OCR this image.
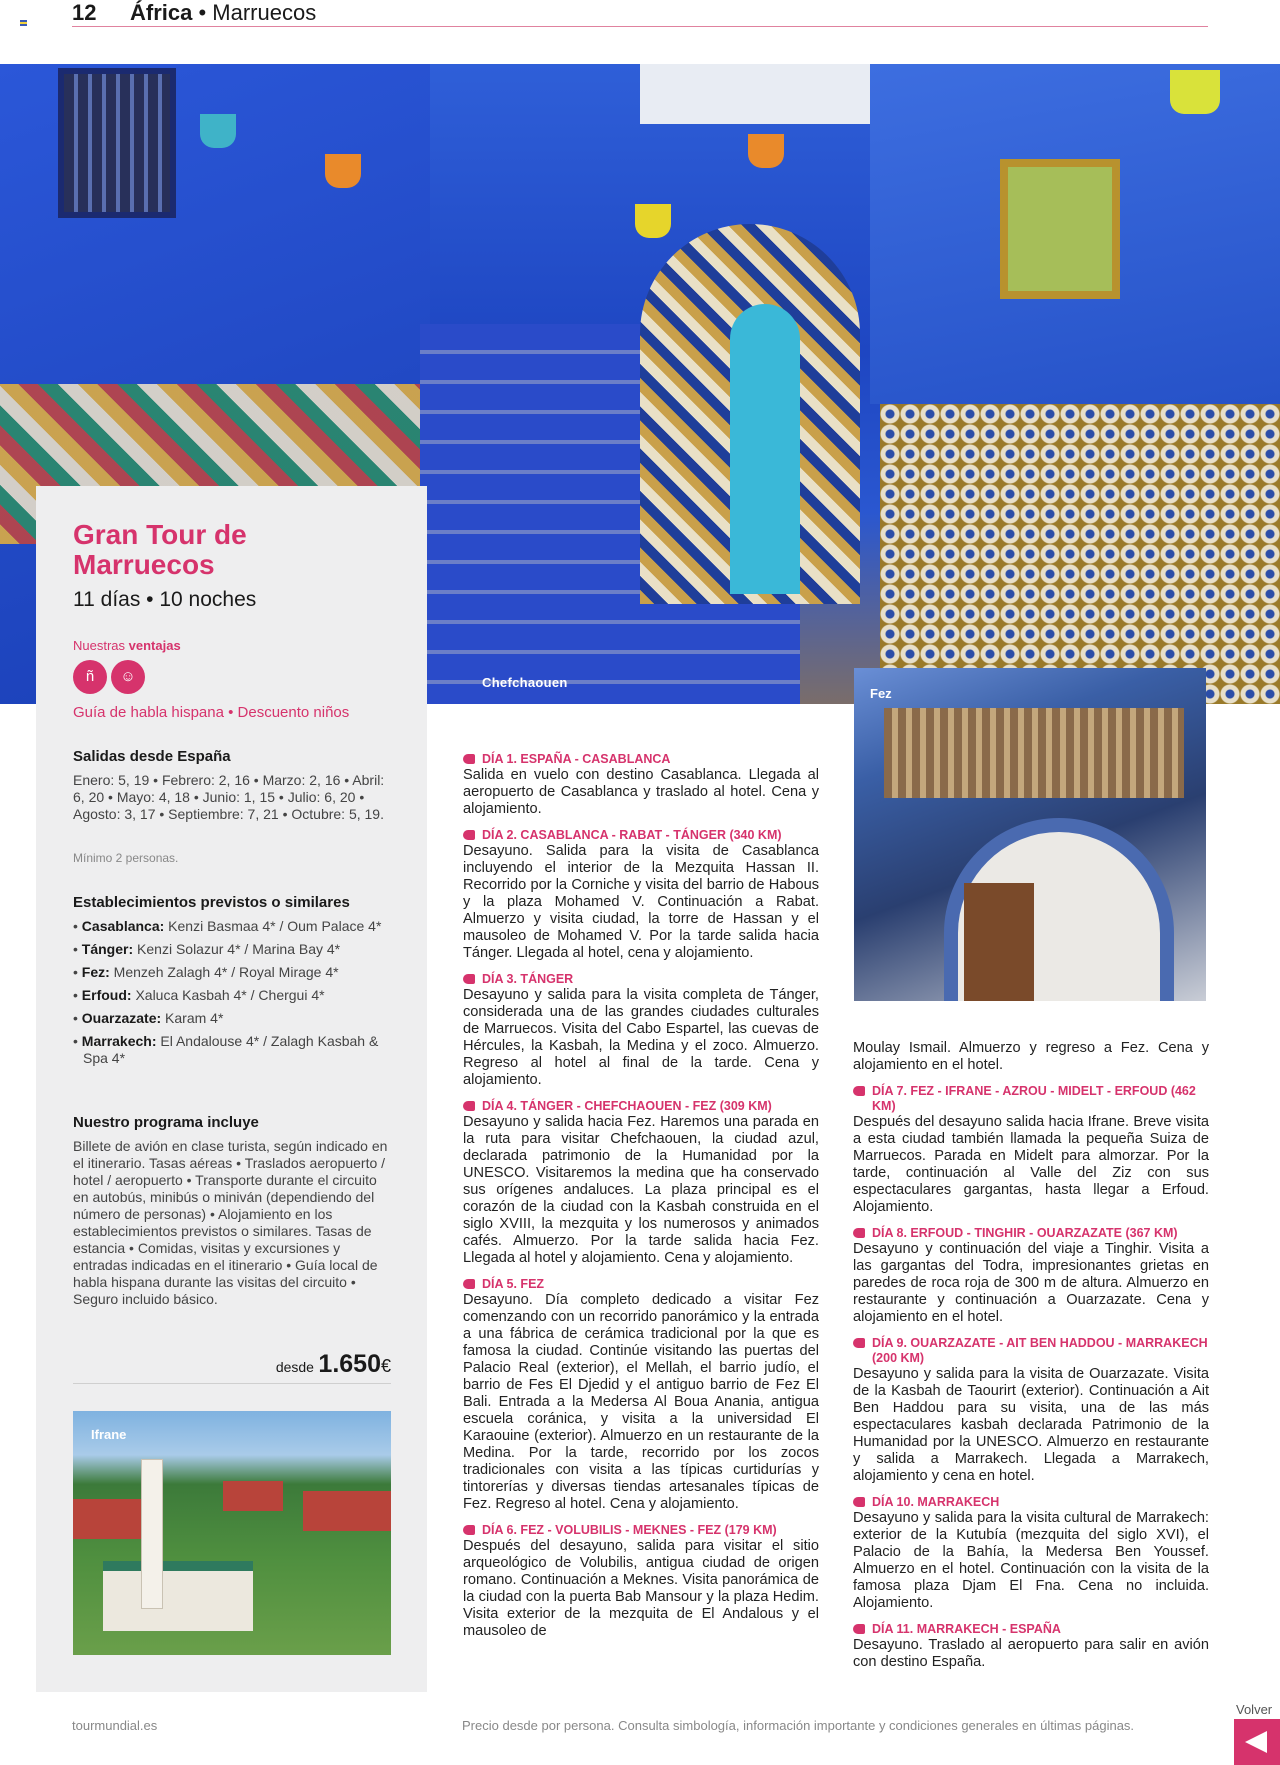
12 África • Marruecos
Chefchaouen
Gran Tour de Marruecos
11 días • 10 noches
Nuestras ventajas
ñ	☺
Guía de habla hispana • Descuento niños
Salidas desde España
Enero: 5, 19 • Febrero: 2, 16 • Marzo: 2, 16 • Abril: 6, 20 • Mayo: 4, 18 • Junio: 1, 15 • Julio: 6, 20 • Agosto: 3, 17 • Septiembre: 7, 21 • Octubre: 5, 19.
Mínimo 2 personas.
Establecimientos previstos o similares
• Casablanca: Kenzi Basmaa 4* / Oum Palace 4*
• Tánger: Kenzi Solazur 4* / Marina Bay 4*
• Fez: Menzeh Zalagh 4* / Royal Mirage 4*
• Erfoud: Xaluca Kasbah 4* / Chergui 4*
• Ouarzazate: Karam 4*
• Marrakech: El Andalouse 4* / Zalagh Kasbah & Spa 4*
Nuestro programa incluye
Billete de avión en clase turista, según indicado en el itinerario. Tasas aéreas • Traslados aeropuerto / hotel / aeropuerto • Transporte durante el circuito en autobús, minibús o miniván (dependiendo del número de personas) • Alojamiento en los establecimientos previstos o similares. Tasas de estancia • Comidas, visitas y excursiones y entradas indicadas en el itinerario • Guía local de habla hispana durante las visitas del circuito • Seguro incluido básico.
desde 1.650€
Ifrane
DÍA 1. ESPAÑA - CASABLANCA
Salida en vuelo con destino Casablanca. Llegada al aeropuerto de Casablanca y traslado al hotel. Cena y alojamiento.
DÍA 2. CASABLANCA - RABAT - TÁNGER (340 KM)
Desayuno. Salida para la visita de Casablanca incluyendo el interior de la Mezquita Hassan II. Recorrido por la Corniche y visita del barrio de Habous y la plaza Mohamed V. Continuación a Rabat. Almuerzo y visita ciudad, la torre de Hassan y el mausoleo de Mohamed V. Por la tarde salida hacia Tánger. Llegada al hotel, cena y alojamiento.
DÍA 3. TÁNGER
Desayuno y salida para la visita completa de Tánger, considerada una de las grandes ciudades culturales de Marruecos. Visita del Cabo Espartel, las cuevas de Hércules, la Kasbah, la Medina y el zoco. Almuerzo. Regreso al hotel al final de la tarde. Cena y alojamiento.
DÍA 4. TÁNGER - CHEFCHAOUEN - FEZ (309 KM)
Desayuno y salida hacia Fez. Haremos una parada en la ruta para visitar Chefchaouen, la ciudad azul, declarada patrimonio de la Humanidad por la UNESCO. Visitaremos la medina que ha conservado sus orígenes andaluces. La plaza principal es el corazón de la ciudad con la Kasbah construida en el siglo XVIII, la mezquita y los numerosos y animados cafés. Almuerzo. Por la tarde salida hacia Fez. Llegada al hotel y alojamiento. Cena y alojamiento.
DÍA 5. FEZ
Desayuno. Día completo dedicado a visitar Fez comenzando con un recorrido panorámico y la entrada a una fábrica de cerámica tradicional por la que es famosa la ciudad. Continúe visitando las puertas del Palacio Real (exterior), el Mellah, el barrio judío, el barrio de Fes El Djedid y el antiguo barrio de Fez El Bali. Entrada a la Medersa Al Boua Anania, antigua escuela coránica, y visita a la universidad El Karaouine (exterior). Almuerzo en un restaurante de la Medina. Por la tarde, recorrido por los zocos tradicionales con visita a las típicas curtidurías y tintorerías y diversas tiendas artesanales típicas de Fez. Regreso al hotel. Cena y alojamiento.
DÍA 6. FEZ - VOLUBILIS - MEKNES - FEZ (179 KM)
Después del desayuno, salida para visitar el sitio arqueológico de Volubilis, antigua ciudad de origen romano. Continuación a Meknes. Visita panorámica de la ciudad con la puerta Bab Mansour y la plaza Hedim. Visita exterior de la mezquita de El Andalous y el mausoleo de
Fez
Moulay Ismail. Almuerzo y regreso a Fez. Cena y alojamiento en el hotel.
DÍA 7. FEZ - IFRANE - AZROU - MIDELT - ERFOUD (462 KM)
Después del desayuno salida hacia Ifrane. Breve visita a esta ciudad también llamada la pequeña Suiza de Marruecos. Parada en Midelt para almorzar. Por la tarde, continuación al Valle del Ziz con sus espectaculares gargantas, hasta llegar a Erfoud. Alojamiento.
DÍA 8. ERFOUD - TINGHIR - OUARZAZATE (367 KM)
Desayuno y continuación del viaje a Tinghir. Visita a las gargantas del Todra, impresionantes grietas en paredes de roca roja de 300 m de altura. Almuerzo en restaurante y continuación a Ouarzazate. Cena y alojamiento en el hotel.
DÍA 9. OUARZAZATE - AIT BEN HADDOU - MARRAKECH (200 KM)
Desayuno y salida para la visita de Ouarzazate. Visita de la Kasbah de Taourirt (exterior). Continuación a Ait Ben Haddou para su visita, una de las más espectaculares kasbah declarada Patrimonio de la Humanidad por la UNESCO. Almuerzo en restaurante y salida a Marrakech. Llegada a Marrakech, alojamiento y cena en hotel.
DÍA 10. MARRAKECH
Desayuno y salida para la visita cultural de Marrakech: exterior de la Kutubía (mezquita del siglo XVI), el Palacio de la Bahía, la Medersa Ben Youssef. Almuerzo en el hotel. Continuación con la visita de la famosa plaza Djam El Fna. Cena no incluida. Alojamiento.
DÍA 11. MARRAKECH - ESPAÑA
Desayuno. Traslado al aeropuerto para salir en avión con destino España.
tourmundial.es	Precio desde por persona. Consulta simbología, información importante y condiciones generales en últimas páginas.
Volver
